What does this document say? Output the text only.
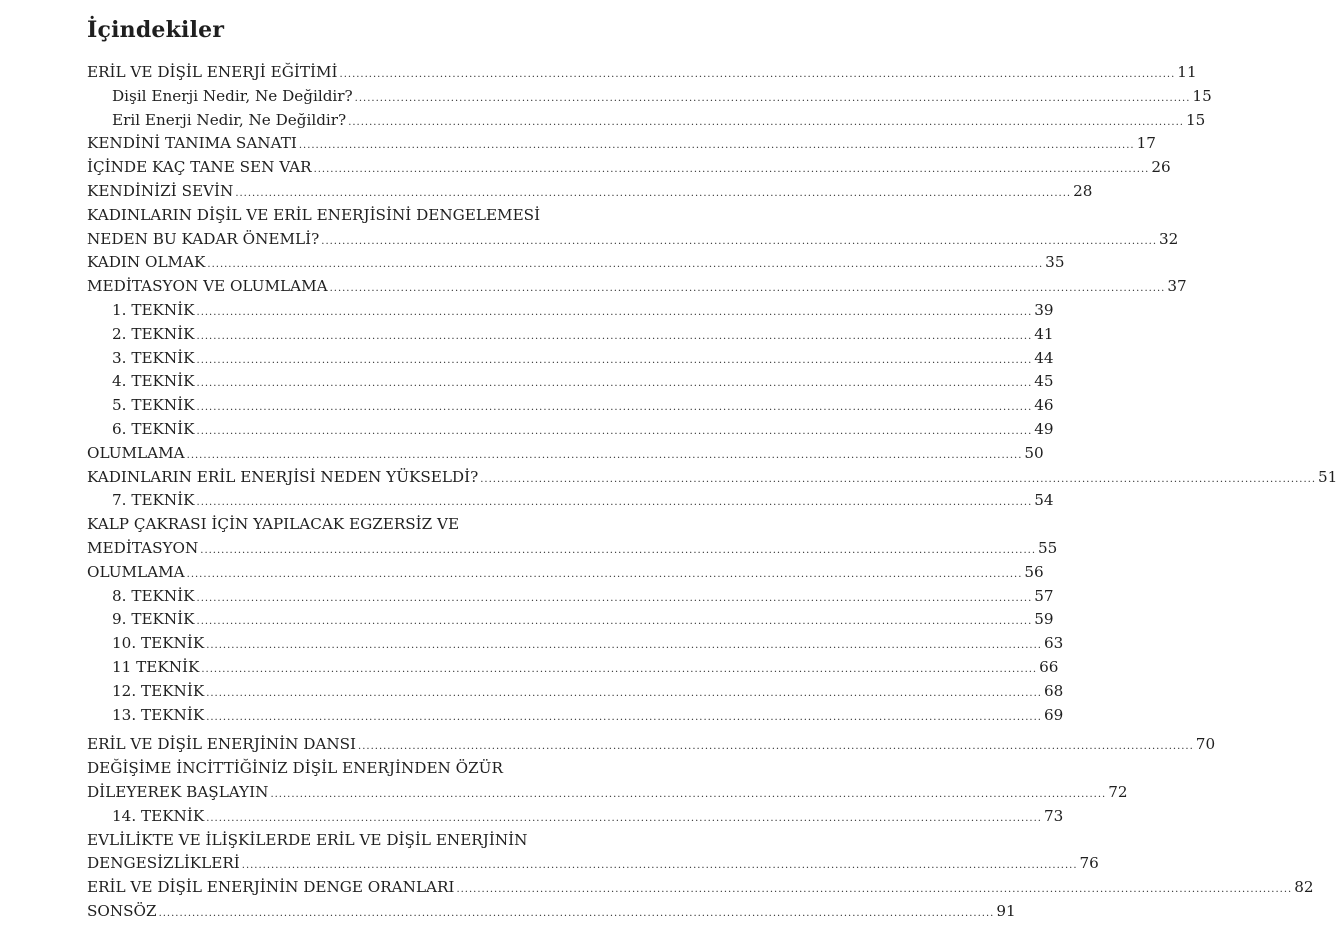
İçindekiler
ERİL VE DİŞİL ENERJİ EĞİTİMİ ........................................................................................................................................................................................................ 11
Dişil Enerji Nedir, Ne Değildir? ........................................................................................................................................................................................................ 15
Eril Enerji Nedir, Ne Değildir? ........................................................................................................................................................................................................ 15
KENDİNİ TANIMA SANATI ........................................................................................................................................................................................................ 17
İÇİNDE KAÇ TANE SEN VAR ........................................................................................................................................................................................................ 26
KENDİNİZİ SEVİN ........................................................................................................................................................................................................ 28
KADINLARIN DİŞİL VE ERİL ENERJİSİNİ DENGELEMESİ
NEDEN BU KADAR ÖNEMLİ? ........................................................................................................................................................................................................ 32
KADIN OLMAK ........................................................................................................................................................................................................ 35
MEDİTASYON VE OLUMLAMA ........................................................................................................................................................................................................ 37
1. TEKNİK ........................................................................................................................................................................................................ 39
2. TEKNİK ........................................................................................................................................................................................................ 41
3. TEKNİK ........................................................................................................................................................................................................ 44
4. TEKNİK ........................................................................................................................................................................................................ 45
5. TEKNİK ........................................................................................................................................................................................................ 46
6. TEKNİK ........................................................................................................................................................................................................ 49
OLUMLAMA ........................................................................................................................................................................................................ 50
KADINLARIN ERİL ENERJİSİ NEDEN YÜKSELDİ? ........................................................................................................................................................................................................ 51
7. TEKNİK ........................................................................................................................................................................................................ 54
KALP ÇAKRASI İÇİN YAPILACAK EGZERSİZ VE
MEDİTASYON ........................................................................................................................................................................................................ 55
OLUMLAMA ........................................................................................................................................................................................................ 56
8. TEKNİK ........................................................................................................................................................................................................ 57
9. TEKNİK ........................................................................................................................................................................................................ 59
10. TEKNİK ........................................................................................................................................................................................................ 63
11 TEKNİK ........................................................................................................................................................................................................ 66
12. TEKNİK ........................................................................................................................................................................................................ 68
13. TEKNİK ........................................................................................................................................................................................................ 69
ERİL VE DİŞİL ENERJİNİN DANSI ........................................................................................................................................................................................................ 70
DEĞİŞİME İNCİTTİĞİNİZ DİŞİL ENERJİNDEN ÖZÜR
DİLEYEREK BAŞLAYIN ........................................................................................................................................................................................................ 72
14. TEKNİK ........................................................................................................................................................................................................ 73
EVLİLİKTE VE İLİŞKİLERDE ERİL VE DİŞİL ENERJİNİN
DENGESİZLİKLERİ ........................................................................................................................................................................................................ 76
ERİL VE DİŞİL ENERJİNİN DENGE ORANLARI ........................................................................................................................................................................................................ 82
SONSÖZ ........................................................................................................................................................................................................ 91
